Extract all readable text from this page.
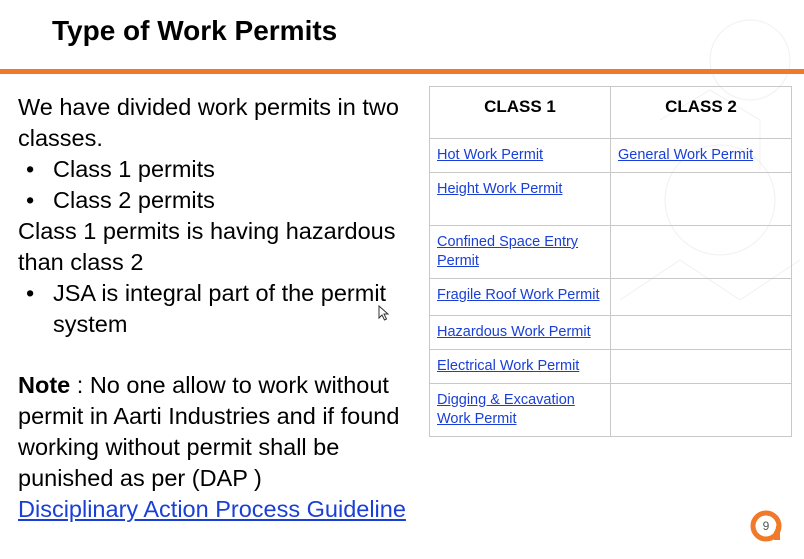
Type of Work Permits

We have divided work permits in two classes.

• Class 1 permits
• Class 2 permits

Class 1 permits is having hazardous than class 2

• JSA is integral part of the permit system

Note : No one allow to work without permit in Aarti Industries and if found working without permit shall be punished as per (DAP )

Disciplinary Action Process Guideline

CLASS 1	CLASS 2
Hot Work Permit	General Work Permit
Height Work Permit	
Confined Space Entry Permit	
Fragile Roof Work Permit	
Hazardous Work Permit	
Electrical Work Permit	
Digging & Excavation Work Permit	
9
